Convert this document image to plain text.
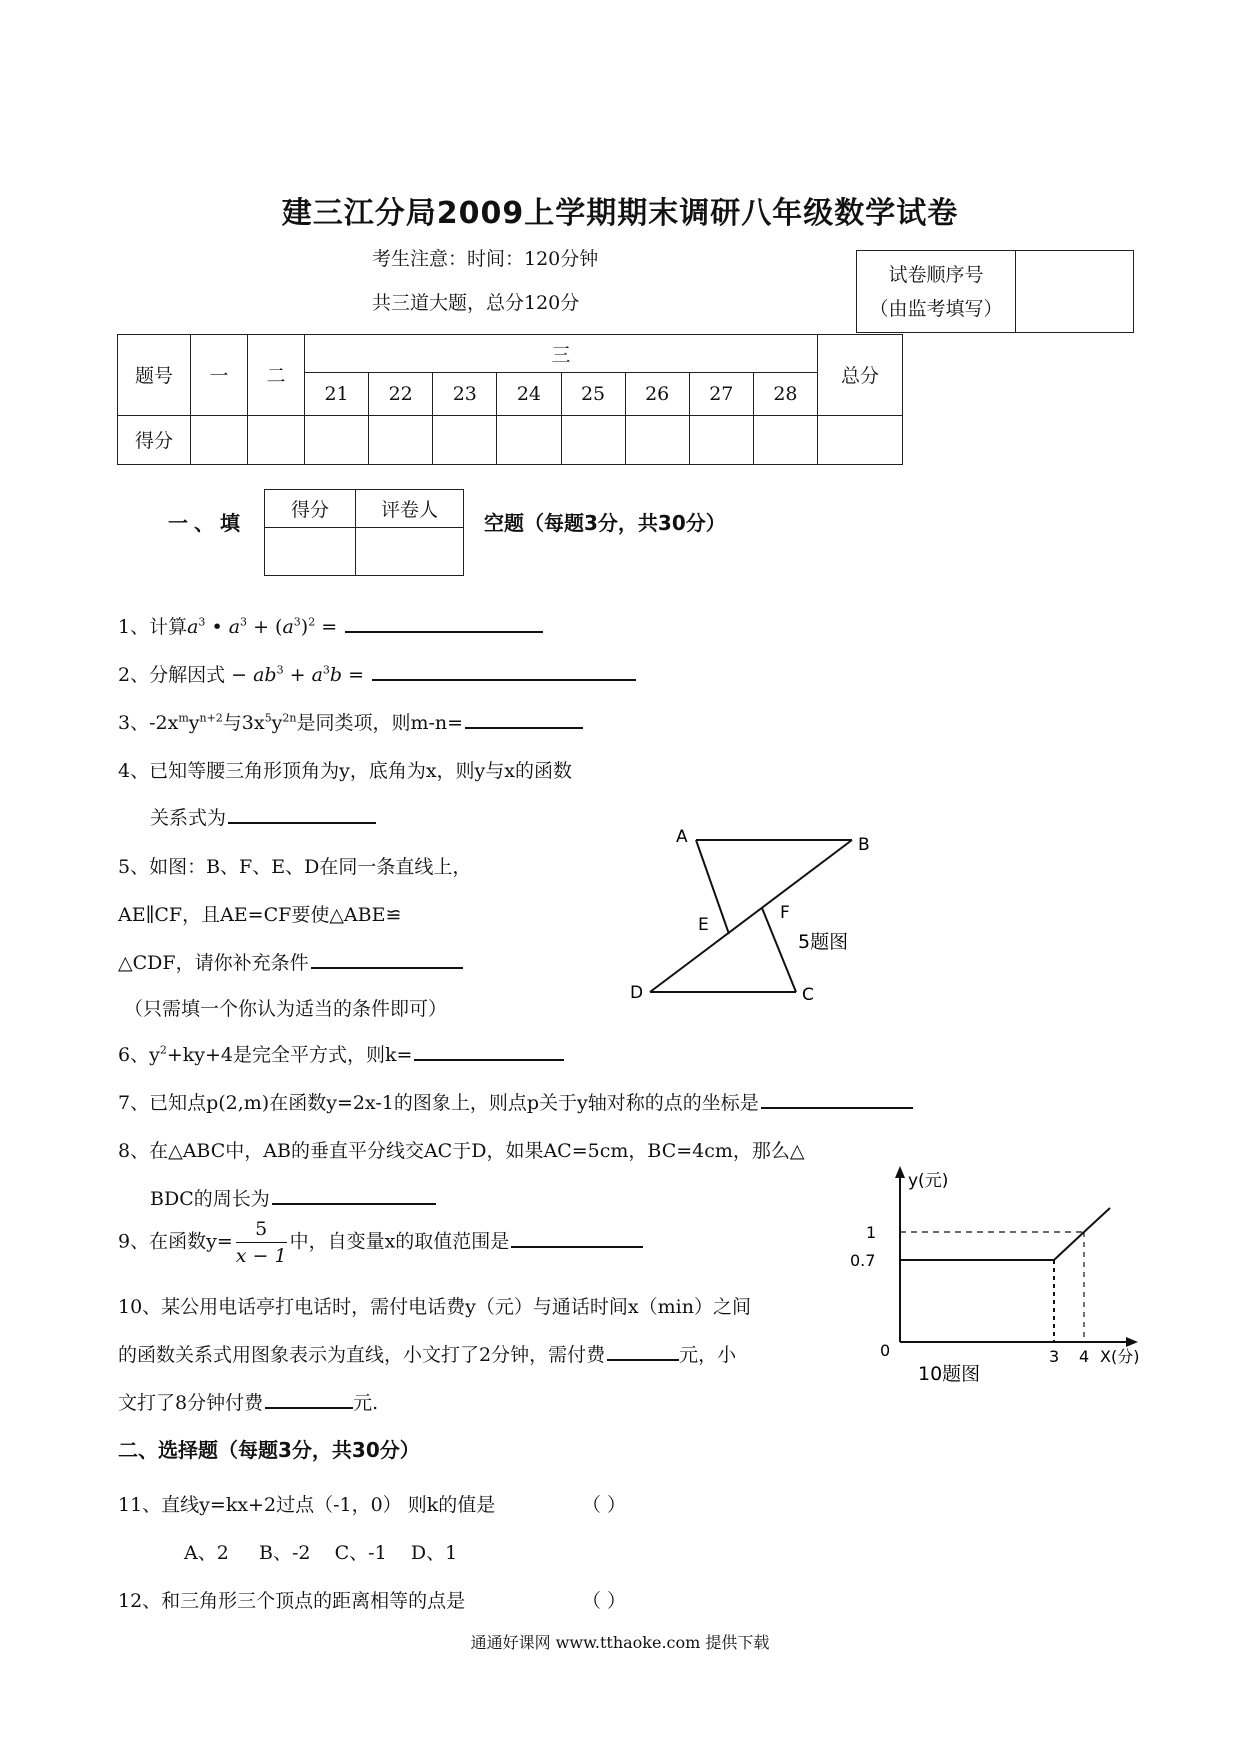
建三江分局2009上学期期末调研八年级数学试卷
考生注意：时间：120分钟
共三道大题，总分120分
试卷顺序号
（由监考填写）

题号	一	二	三								总分
			21	22	23	24	25	26	27	28	
得分											
一、填
得分	评卷人

空题（每题3分，共30分）
1、计算$a^3$ • $a^3 + (a^3)^2$ =
2、分解因式 − $ab^3 + a^3b$ =
3、$-2x^my^{n+2}$与$3x^5y^{2n}$是同类项，则m-n=
4、已知等腰三角形顶角为y，底角为x，则y与x的函数
关系式为
5、如图：B、F、E、D在同一条直线上，
AE∥CF，且AE=CF要使△ABE≌
△CDF，请你补充条件
（只需填一个你认为适当的条件即可）
A	B
C
D
E
F
5题图
6、$y^2+ky+4$是完全平方式，则k=
7、已知点p(2,m)在函数y=2x-1的图象上，则点p关于y轴对称的点的坐标是
8、在△ABC中，AB的垂直平分线交AC于D，如果AC=5cm，BC=4cm，那么△
BDC的周长为
9、在函数$y= \frac{5}{x - 1}$ 中，自变量x的取值范围是
10、某公用电话亭打电话时，需付电话费y（元）与通话时间x（min）之间
的函数关系式用图象表示为直线，小文打了2分钟，需付费	元，小
文打了8分钟付费	元.
y(元)
1
0.7
0	3 4 X(分)
10题图
二、选择题（每题3分，共30分）
11、直线y=kx+2过点（-1，0） 则k的值是	（ ）
A、2     B、-2    C、-1    D、1
12、和三角形三个顶点的距离相等的点是	（ ）
通通好课网 www.tthaoke.com 提供下载
